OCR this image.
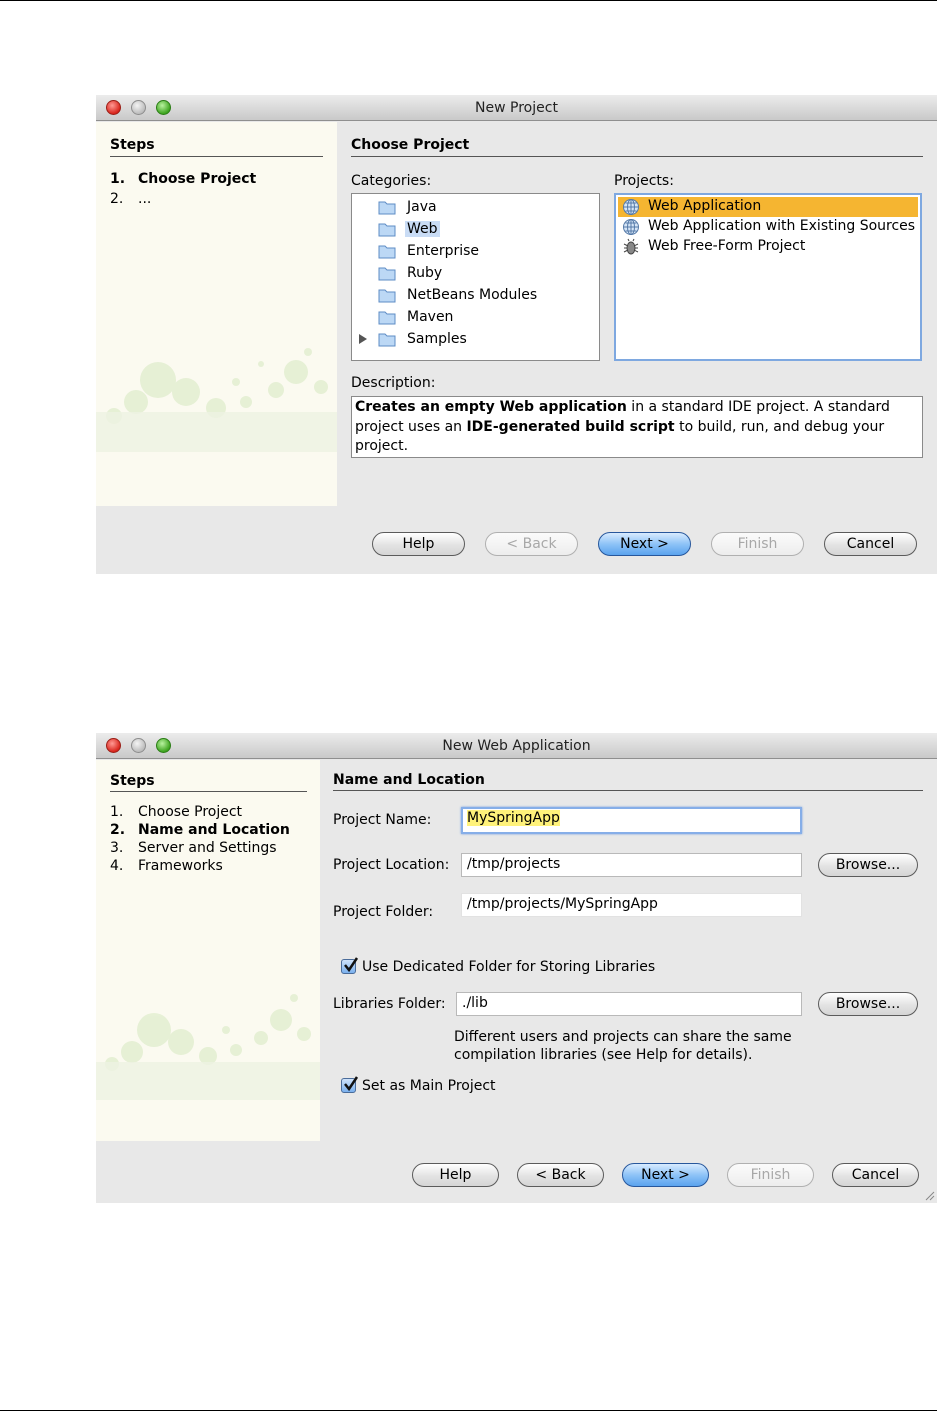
New Project
Steps
1. Choose Project
2. ...
Choose Project
Categories:
Java
Web
Enterprise
Ruby
NetBeans Modules
Maven
Samples
Projects:
Web Application
Web Application with Existing Sources
Web Free-Form Project
Description:
Creates an empty Web application in a standard IDE project. A standard project uses an IDE-generated build script to build, run, and debug your project.
Help	< Back	Next >	Finish	Cancel
New Web Application
Steps
1. Choose Project
2. Name and Location
3. Server and Settings
4. Frameworks
Name and Location
Project Name:	MySpringApp
Project Location:	/tmp/projects	Browse...
Project Folder:	/tmp/projects/MySpringApp
Use Dedicated Folder for Storing Libraries
Libraries Folder:	./lib	Browse...
Different users and projects can share the same
compilation libraries (see Help for details).
Set as Main Project
Help	< Back	Next >	Finish	Cancel
